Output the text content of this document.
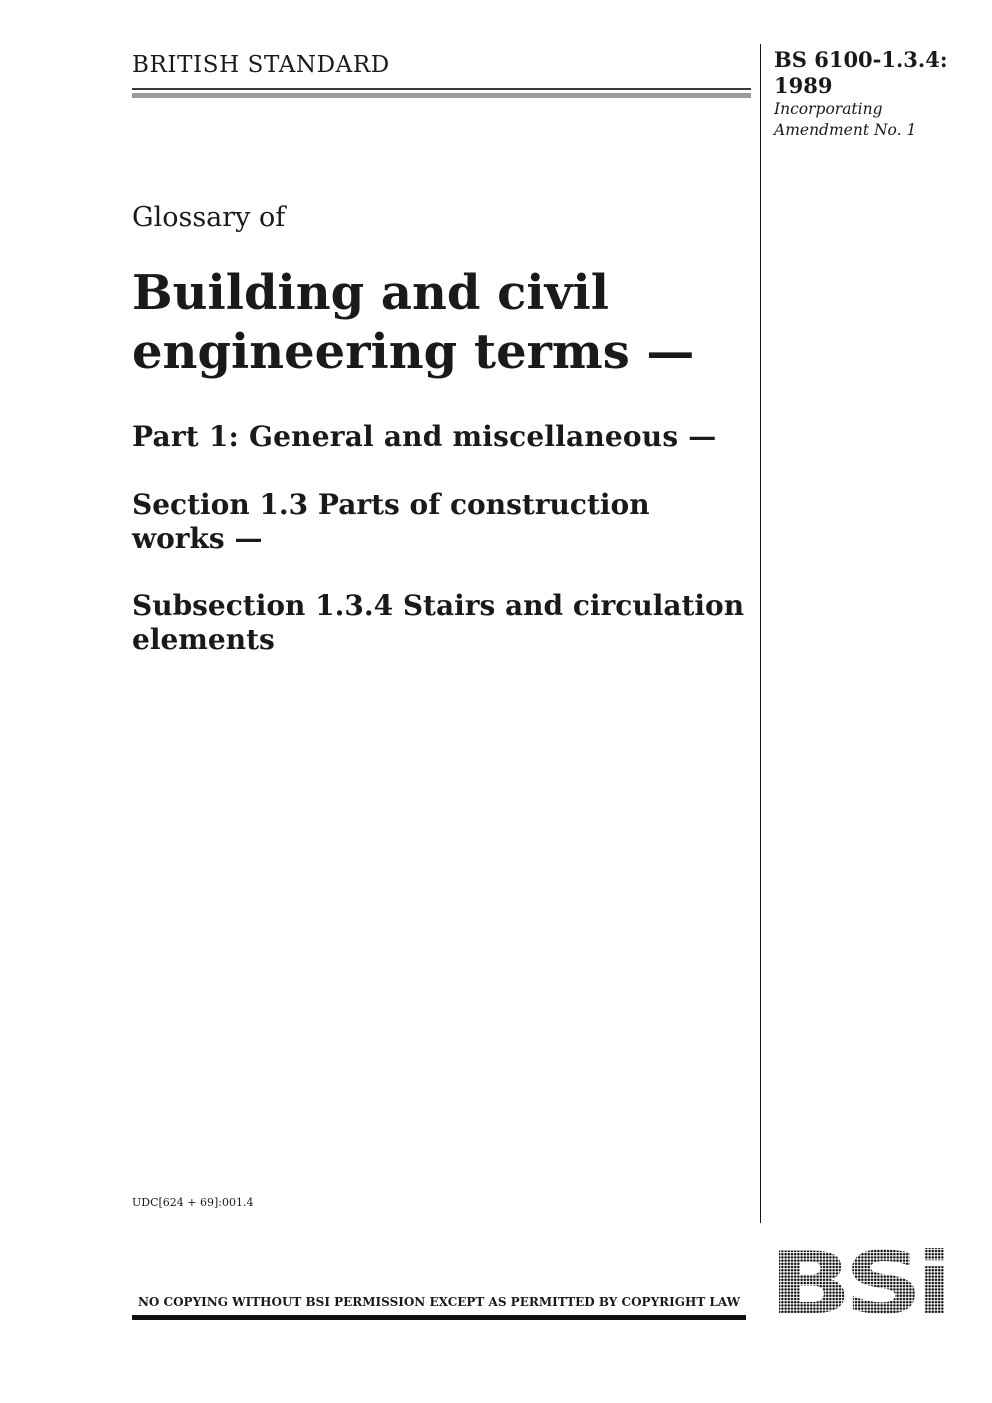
BRITISH STANDARD	BS 6100-1.3.4:
1989
Incorporating
Amendment No. 1
Glossary of
Building and civil
engineering terms —
Part 1: General and miscellaneous —
Section 1.3 Parts of construction
works —
Subsection 1.3.4 Stairs and circulation
elements
UDC[624 + 69]:001.4
NO COPYING WITHOUT BSI PERMISSION EXCEPT AS PERMITTED BY COPYRIGHT LAW BSi
